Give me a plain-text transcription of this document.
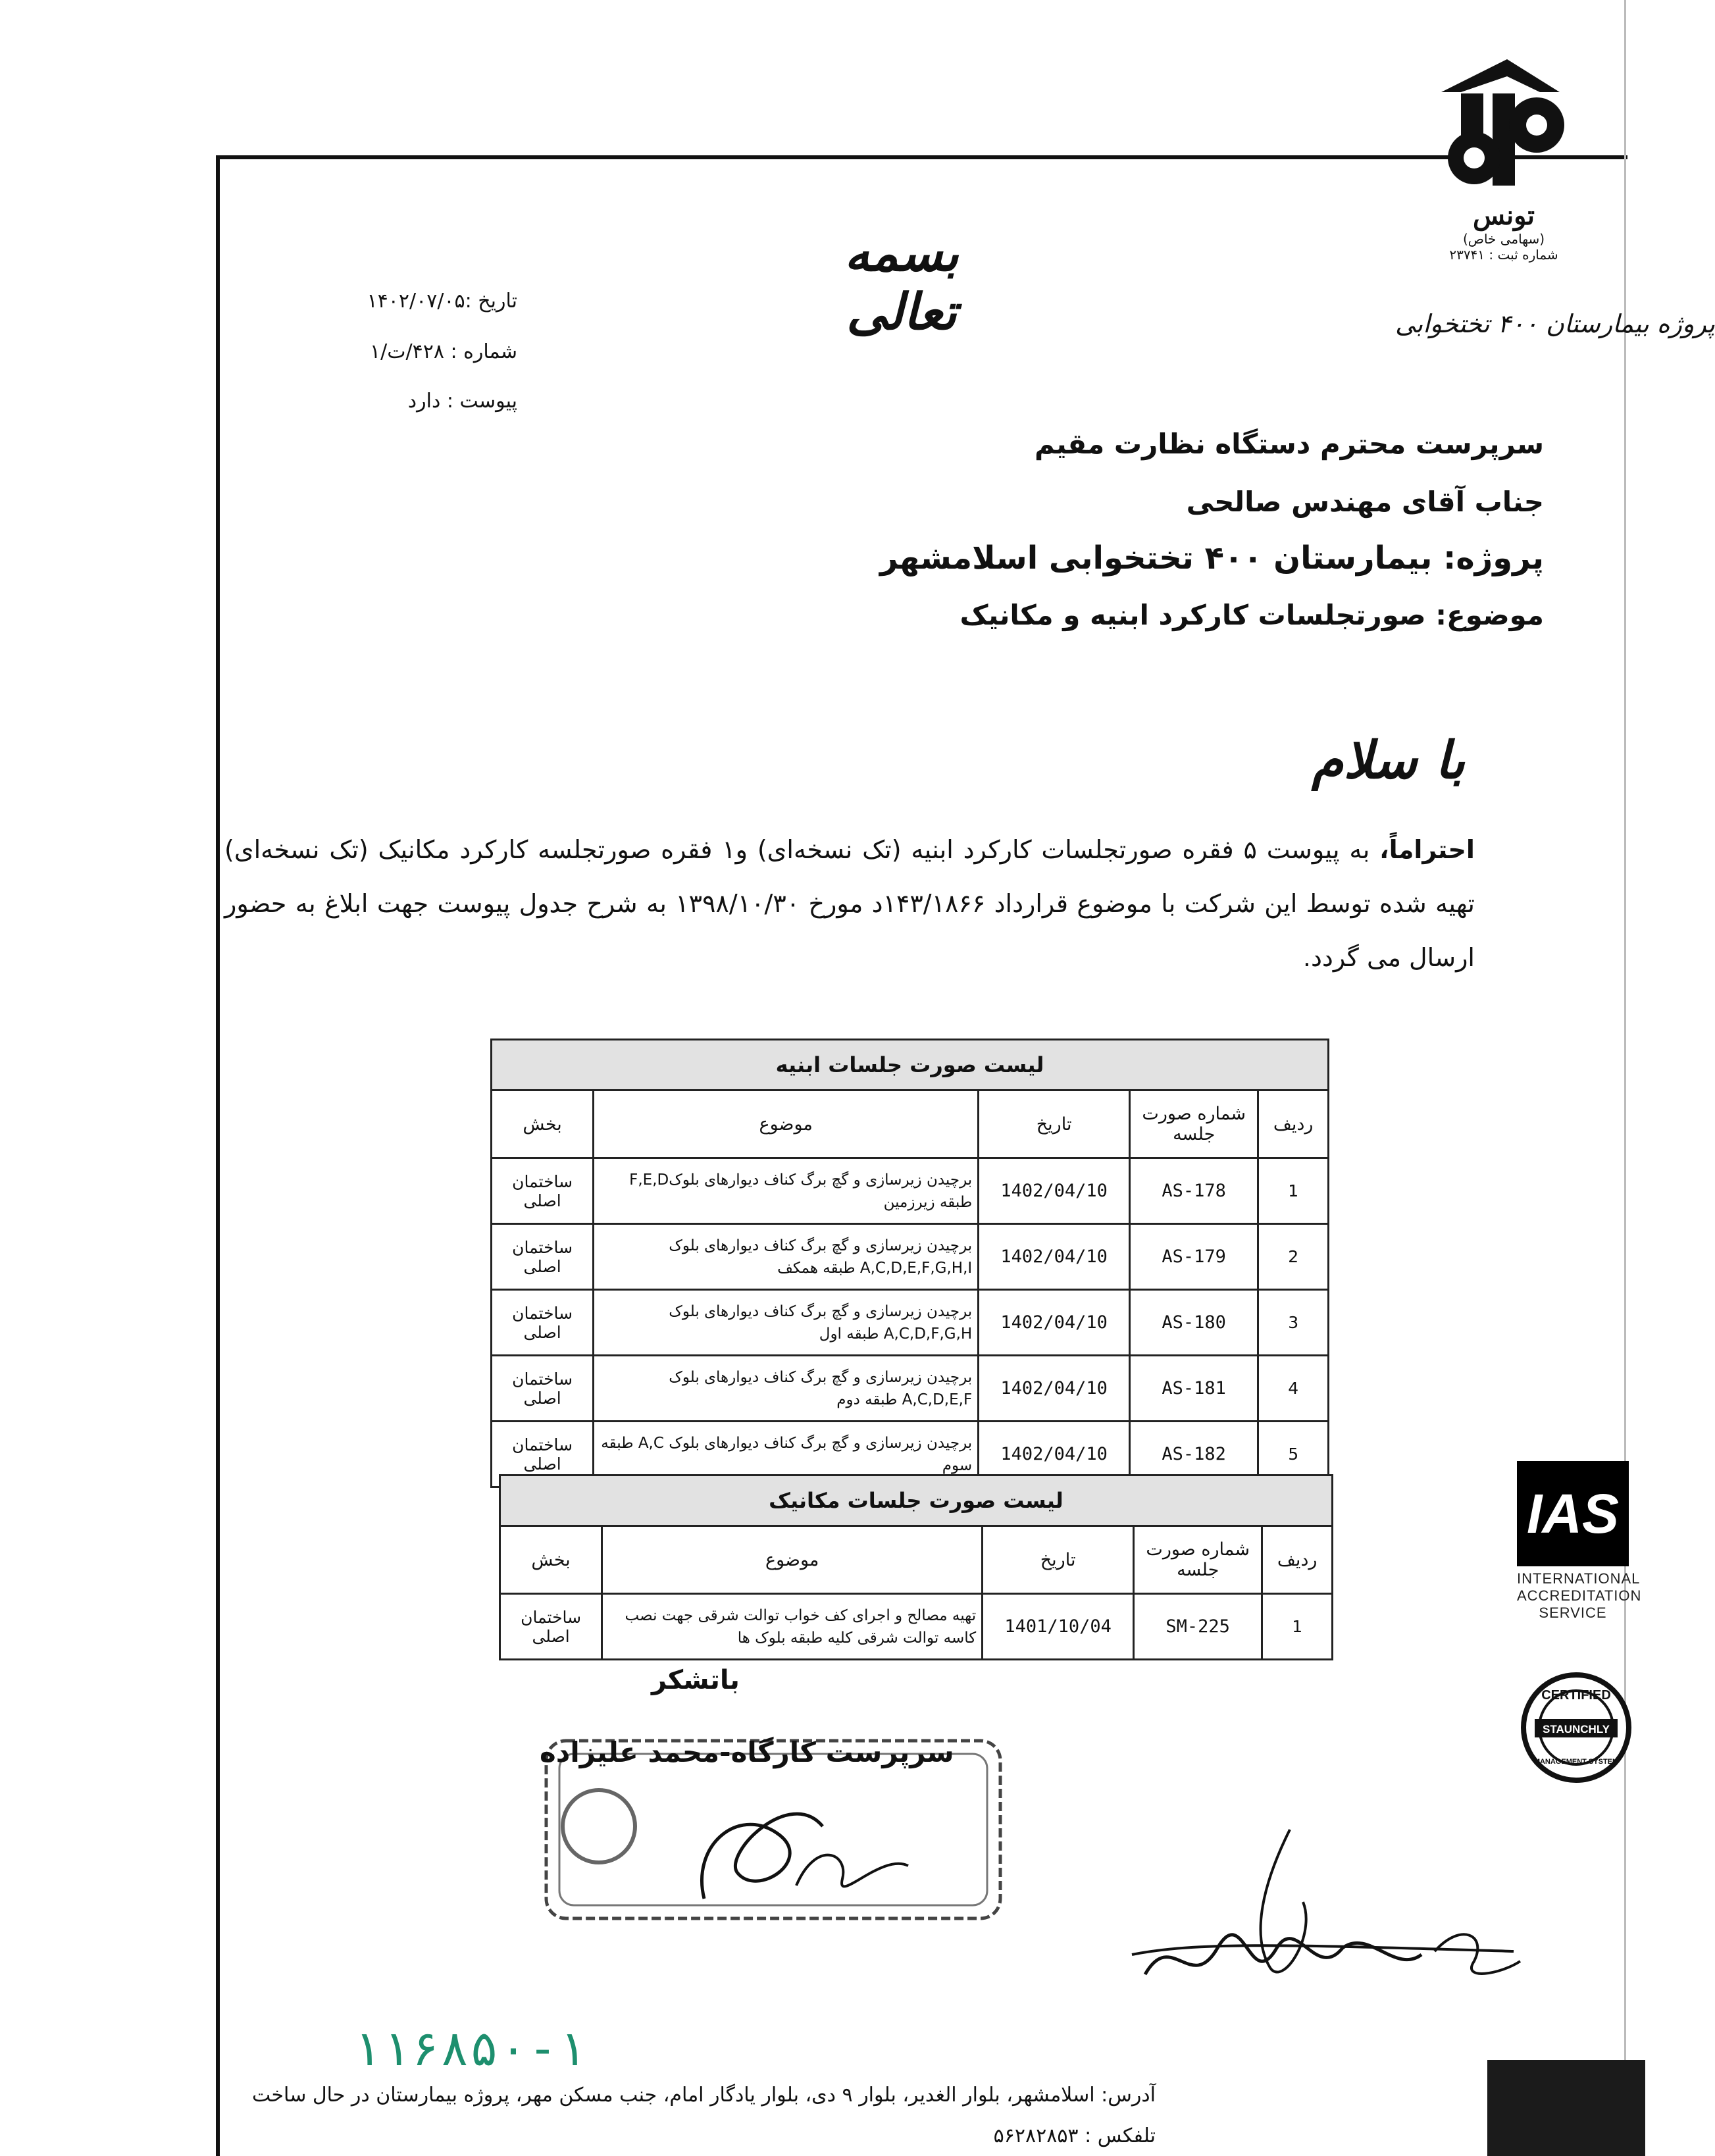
تونس
(سهامی خاص)
شماره ثبت : ۲۳۷۴۱
پروژه بیمارستان ۴۰۰ تختخوابی
بسمه تعالی
تاریخ :۱۴۰۲/۰۷/۰۵
شماره : ۴۲۸/ت/۱
پیوست : دارد
سرپرست محترم دستگاه نظارت مقیم
جناب آقای مهندس صالحی
پروژه: بیمارستان ۴۰۰ تختخوابی اسلامشهر
موضوع: صورتجلسات کارکرد ابنیه و مکانیک
با سلام
احتراماً، به پیوست ۵ فقره صورتجلسات کارکرد ابنیه (تک نسخه‌ای) و۱ فقره صورتجلسه کارکرد مکانیک (تک نسخه‌ای) تهیه شده توسط این شرکت با موضوع قرارداد ۱۴۳/۱۸۶۶د مورخ ۱۳۹۸/۱۰/۳۰ به شرح جدول پیوست جهت ابلاغ به حضور ارسال می گردد.
لیست صورت جلسات ابنیه				
ردیف	شماره صورت جلسه	تاریخ	موضوع	بخش
1	AS-178	1402/04/10	برچیدن زیرسازی و گچ برگ کناف دیوارهای بلوکF,E,D طبقه زیرزمین	ساختمان اصلی
2	AS-179	1402/04/10	برچیدن زیرسازی و گچ برگ کناف دیوارهای بلوک A,C,D,E,F,G,H,I طبقه همکف	ساختمان اصلی
3	AS-180	1402/04/10	برچیدن زیرسازی و گچ برگ کناف دیوارهای بلوک A,C,D,F,G,H طبقه اول	ساختمان اصلی
4	AS-181	1402/04/10	برچیدن زیرسازی و گچ برگ کناف دیوارهای بلوک A,C,D,E,F طبقه دوم	ساختمان اصلی
5	AS-182	1402/04/10	برچیدن زیرسازی و گچ برگ کناف دیوارهای بلوک A,C طبقه سوم	ساختمان اصلی
لیست صورت جلسات مکانیک				
ردیف	شماره صورت جلسه	تاریخ	موضوع	بخش
1	SM-225	1401/10/04	تهیه مصالح و اجرای کف خواب توالت شرقی جهت نصب کاسه توالت شرقی کلیه طبقه بلوک ها	ساختمان اصلی
باتشکر
سرپرست کارگاه-محمد علیزاده
۱۱۶۸۵۰-۱
آدرس: اسلامشهر، بلوار الغدیر، بلوار ۹ دی، بلوار یادگار امام، جنب مسکن مهر، پروژه بیمارستان در حال ساخت
تلفکس : ۵۶۲۸۲۸۵۳
IAS
INTERNATIONAL ACCREDITATION SERVICE
CERTIFIED
STAUNCHLY
MANAGEMENT SYSTEM
